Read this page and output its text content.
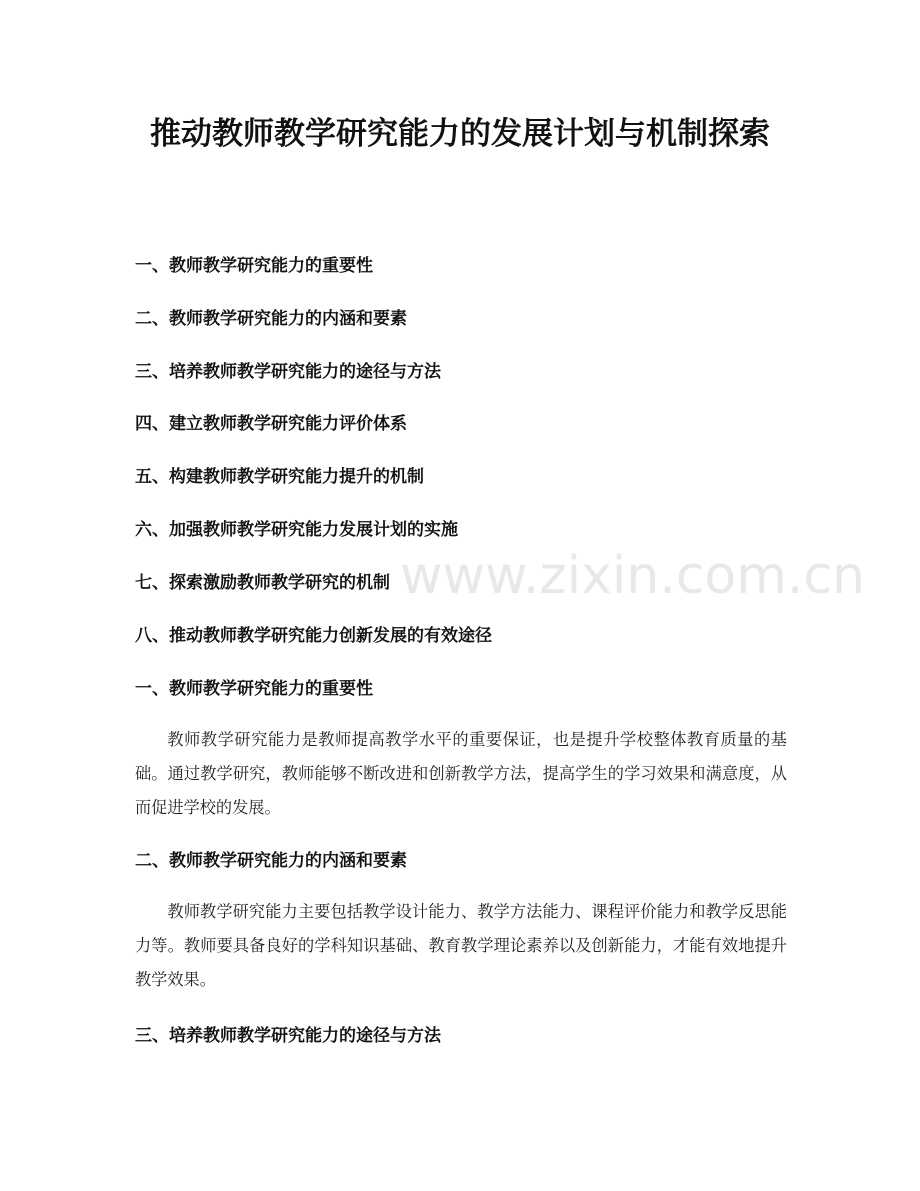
www.zixin.com.cn
推动教师教学研究能力的发展计划与机制探索

一、教师教学研究能力的重要性

二、教师教学研究能力的内涵和要素

三、培养教师教学研究能力的途径与方法

四、建立教师教学研究能力评价体系

五、构建教师教学研究能力提升的机制

六、加强教师教学研究能力发展计划的实施

七、探索激励教师教学研究的机制

八、推动教师教学研究能力创新发展的有效途径

一、教师教学研究能力的重要性

教师教学研究能力是教师提高教学水平的重要保证，也是提升学校整体教育质量的基础。通过教学研究，教师能够不断改进和创新教学方法，提高学生的学习效果和满意度，从而促进学校的发展。

二、教师教学研究能力的内涵和要素

教师教学研究能力主要包括教学设计能力、教学方法能力、课程评价能力和教学反思能力等。教师要具备良好的学科知识基础、教育教学理论素养以及创新能力，才能有效地提升教学效果。

三、培养教师教学研究能力的途径与方法
